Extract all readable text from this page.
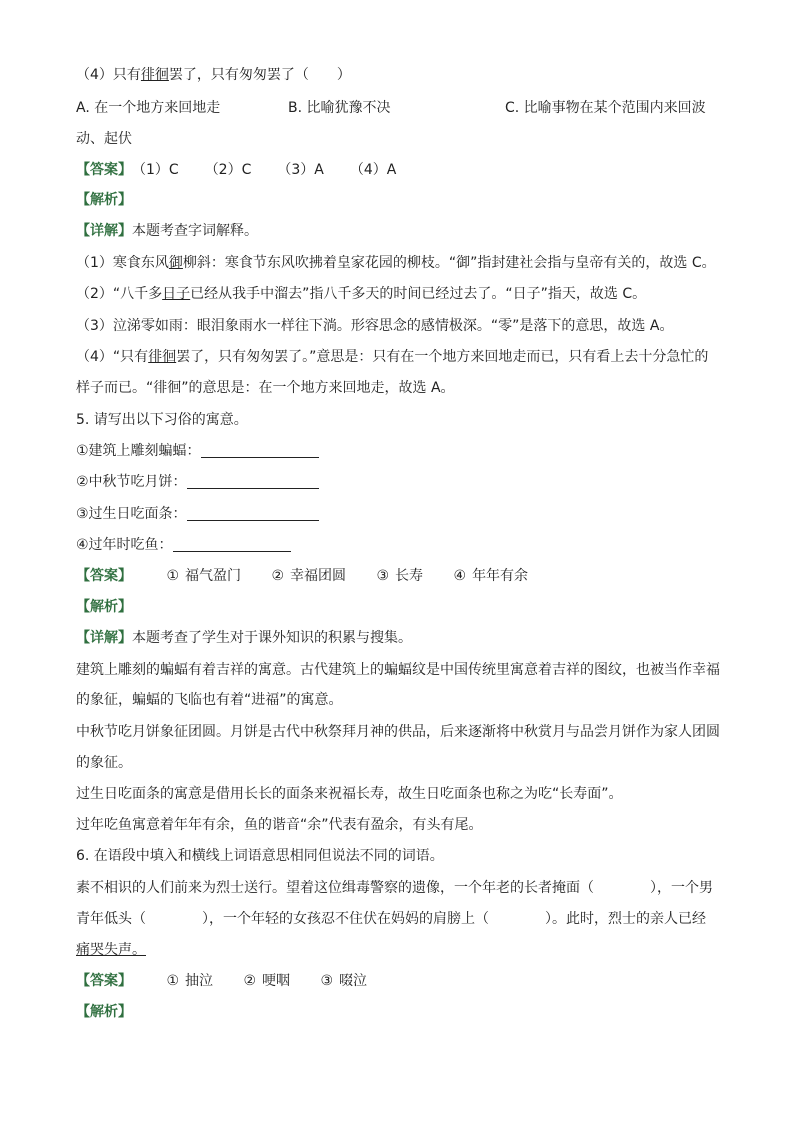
（4）只有徘徊罢了，只有匆匆罢了（　　）
A. 在一个地方来回地走	B. 比喻犹豫不决	C. 比喻事物在某个范围内来回波
动、起伏
【答案】（1）C （2）C （3）A （4）A
【解析】
【详解】本题考查字词解释。
（1）寒食东风御柳斜：寒食节东风吹拂着皇家花园的柳枝。“御”指封建社会指与皇帝有关的，故选 C。
（2）“八千多日子已经从我手中溜去”指八千多天的时间已经过去了。“日子”指天，故选 C。
（3）泣涕零如雨：眼泪象雨水一样往下淌。形容思念的感情极深。“零”是落下的意思，故选 A。
（4）“只有徘徊罢了，只有匆匆罢了。”意思是：只有在一个地方来回地走而已，只有看上去十分急忙的
样子而已。“徘徊”的意思是：在一个地方来回地走，故选 A。
5. 请写出以下习俗的寓意。
①建筑上雕刻蝙蝠：
②中秋节吃月饼：
③过生日吃面条：
④过年时吃鱼：
【答案】 ① 福气盈门 ② 幸福团圆 ③ 长寿 ④ 年年有余
【解析】
【详解】本题考查了学生对于课外知识的积累与搜集。
建筑上雕刻的蝙蝠有着吉祥的寓意。古代建筑上的蝙蝠纹是中国传统里寓意着吉祥的图纹，也被当作幸福
的象征，蝙蝠的飞临也有着“进福”的寓意。
中秋节吃月饼象征团圆。月饼是古代中秋祭拜月神的供品，后来逐渐将中秋赏月与品尝月饼作为家人团圆
的象征。
过生日吃面条的寓意是借用长长的面条来祝福长寿，故生日吃面条也称之为吃“长寿面”。
过年吃鱼寓意着年年有余，鱼的谐音“余”代表有盈余，有头有尾。
6. 在语段中填入和横线上词语意思相同但说法不同的词语。
素不相识的人们前来为烈士送行。望着这位缉毒警察的遗像，一个年老的长者掩面（　　　　），一个男
青年低头（　　　　），一个年轻的女孩忍不住伏在妈妈的肩膀上（　　　　）。此时，烈士的亲人已经
痛哭失声。
【答案】 ① 抽泣 ② 哽咽 ③ 啜泣
【解析】
